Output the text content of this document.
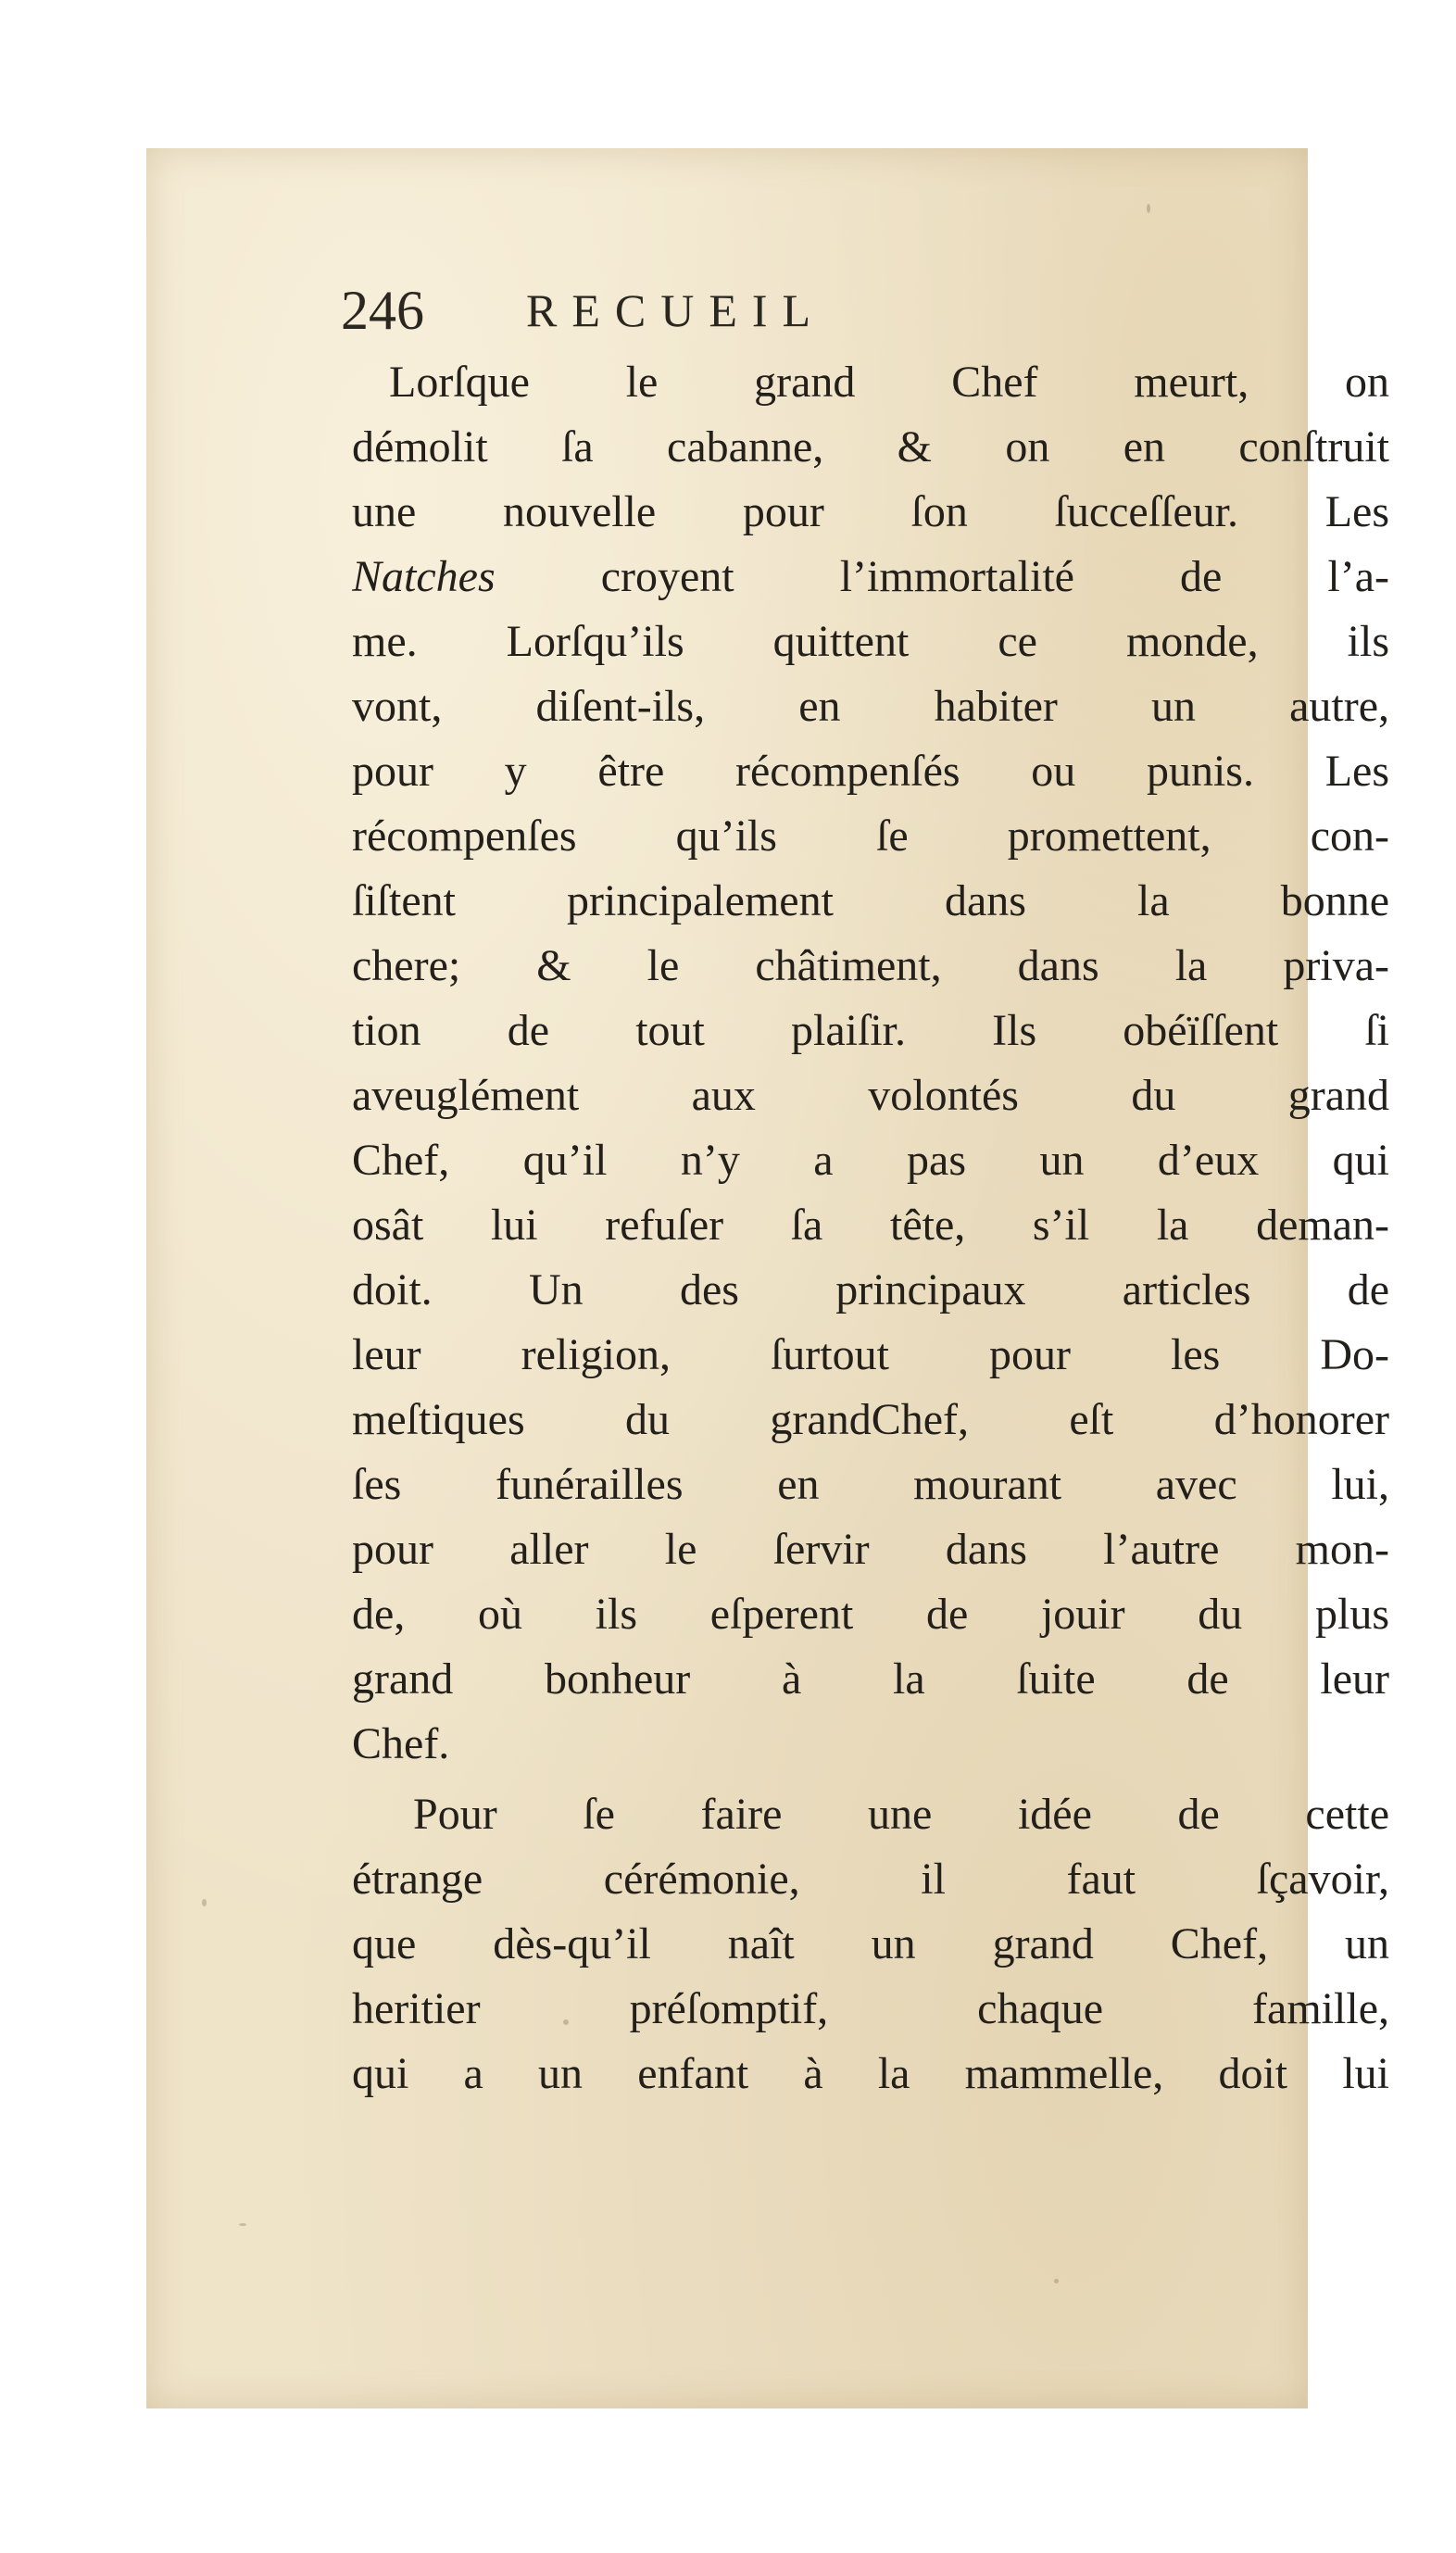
246 RECUEIL
Lorſque le grand Chef meurt, on
démolit ſa cabanne, & on en conſtruit
une nouvelle pour ſon ſucceſſeur. Les
Natches croyent l’immortalité de l’a-
me. Lorſqu’ils quittent ce monde, ils
vont, diſent-ils, en habiter un autre,
pour y être récompenſés ou punis. Les
récompenſes qu’ils ſe promettent, con-
ſiſtent principalement dans la bonne
chere; & le châtiment, dans la priva-
tion de tout plaiſir. Ils obéïſſent ſi
aveuglément aux volontés du grand
Chef, qu’il n’y a pas un d’eux qui
osât lui refuſer ſa tête, s’il la deman-
doit. Un des principaux articles de
leur religion, ſurtout pour les Do-
meſtiques du grandChef, eſt d’honorer
ſes funérailles en mourant avec lui,
pour aller le ſervir dans l’autre mon-
de, où ils eſperent de jouir du plus
grand bonheur à la ſuite de leur
Chef.
Pour ſe faire une idée de cette
étrange cérémonie, il faut ſçavoir,
que dès-qu’il naît un grand Chef, un
heritier préſomptif, chaque famille,
qui a un enfant à la mammelle, doit lui
